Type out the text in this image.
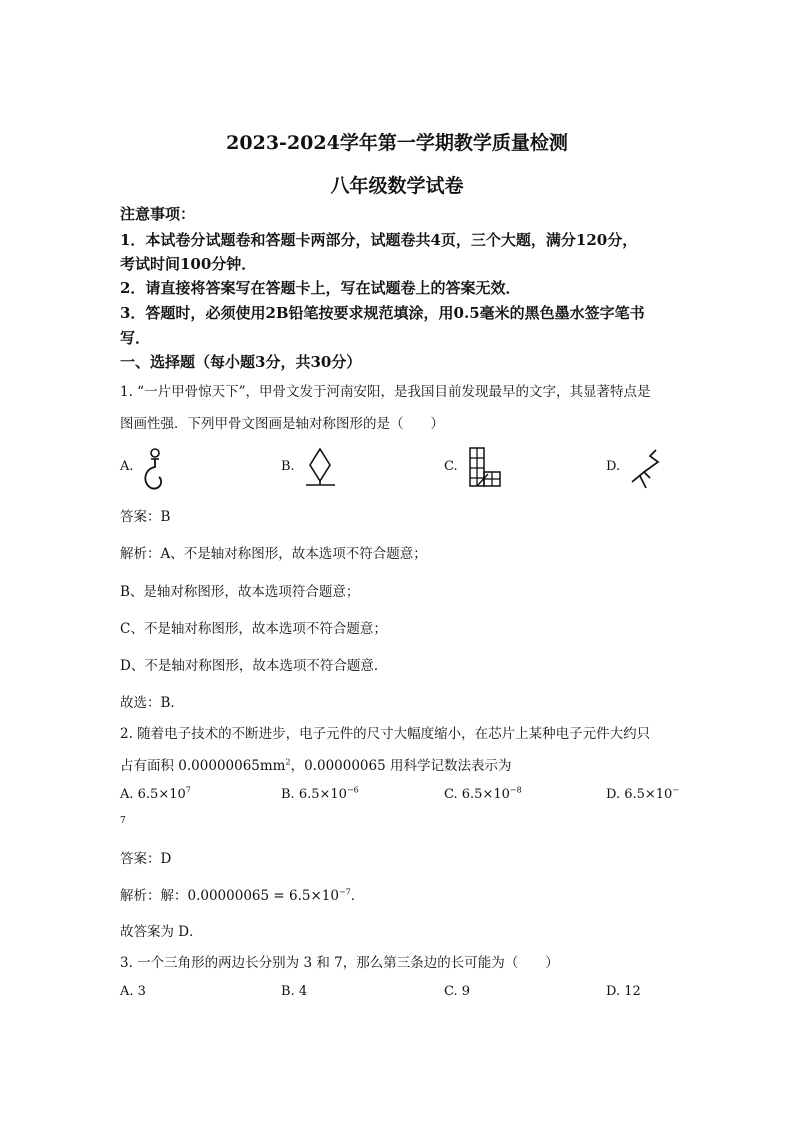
2023-2024学年第一学期教学质量检测
八年级数学试卷
注意事项：
1．本试卷分试题卷和答题卡两部分，试题卷共4页，三个大题，满分120分，
考试时间100分钟．
2．请直接将答案写在答题卡上，写在试题卷上的答案无效．
3．答题时，必须使用2B铅笔按要求规范填涂，用0.5毫米的黑色墨水签字笔书
写．
一、选择题（每小题3分，共30分）
1. “一片甲骨惊天下”，甲骨文发于河南安阳，是我国目前发现最早的文字，其显著特点是
图画性强．下列甲骨文图画是轴对称图形的是（　　）
A.	B.	C.	D.
答案：B
解析：A、不是轴对称图形，故本选项不符合题意；
B、是轴对称图形，故本选项符合题意；
C、不是轴对称图形，故本选项不符合题意；
D、不是轴对称图形，故本选项不符合题意．
故选：B．
2. 随着电子技术的不断进步，电子元件的尺寸大幅度缩小，在芯片上某种电子元件大约只
占有面积 $0.00000065mm^2$，0.00000065 用科学记数法表示为
A. $6.5\times 10^7$	B. $6.5\times 10^{-6}$	C. $6.5\times 10^{-8}$	D. 6.5×10−
7
答案：D
解析：解：$0.00000065 = 6.5\times 10^{-7}$．
故答案为 D．
3. 一个三角形的两边长分别为 3 和 7，那么第三条边的长可能为（　　）
A. 3	B. 4	C. 9	D. 12
